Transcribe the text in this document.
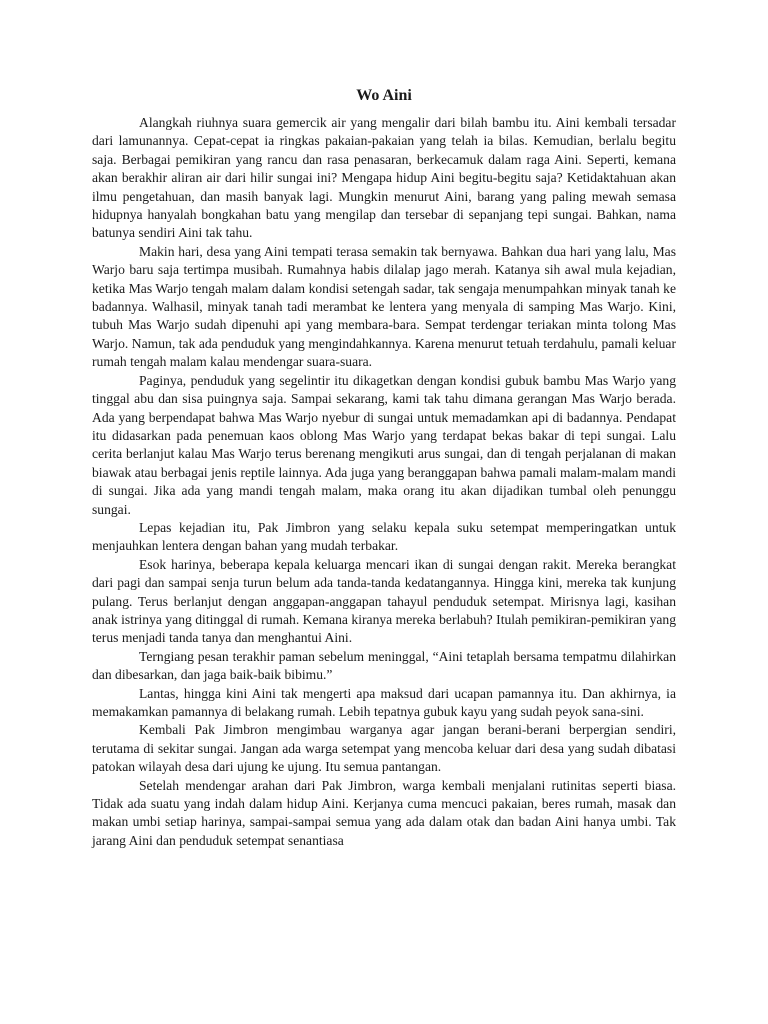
Wo Aini

Alangkah riuhnya suara gemercik air yang mengalir dari bilah bambu itu. Aini kembali tersadar dari lamunannya. Cepat-cepat ia ringkas pakaian-pakaian yang telah ia bilas. Kemudian, berlalu begitu saja. Berbagai pemikiran yang rancu dan rasa penasaran, berkecamuk dalam raga Aini. Seperti, kemana akan berakhir aliran air dari hilir sungai ini? Mengapa hidup Aini begitu-begitu saja? Ketidaktahuan akan ilmu pengetahuan, dan masih banyak lagi. Mungkin menurut Aini, barang yang paling mewah semasa hidupnya hanyalah bongkahan batu yang mengilap dan tersebar di sepanjang tepi sungai. Bahkan, nama batunya sendiri Aini tak tahu.

Makin hari, desa yang Aini tempati terasa semakin tak bernyawa. Bahkan dua hari yang lalu, Mas Warjo baru saja tertimpa musibah. Rumahnya habis dilalap jago merah. Katanya sih awal mula kejadian, ketika Mas Warjo tengah malam dalam kondisi setengah sadar, tak sengaja menumpahkan minyak tanah ke badannya. Walhasil, minyak tanah tadi merambat ke lentera yang menyala di samping Mas Warjo. Kini, tubuh Mas Warjo sudah dipenuhi api yang membara-bara. Sempat terdengar teriakan minta tolong Mas Warjo. Namun, tak ada penduduk yang mengindahkannya. Karena menurut tetuah terdahulu, pamali keluar rumah tengah malam kalau mendengar suara-suara.

Paginya, penduduk yang segelintir itu dikagetkan dengan kondisi gubuk bambu Mas Warjo yang tinggal abu dan sisa puingnya saja. Sampai sekarang, kami tak tahu dimana gerangan Mas Warjo berada. Ada yang berpendapat bahwa Mas Warjo nyebur di sungai untuk memadamkan api di badannya. Pendapat itu didasarkan pada penemuan kaos oblong Mas Warjo yang terdapat bekas bakar di tepi sungai. Lalu cerita berlanjut kalau Mas Warjo terus berenang mengikuti arus sungai, dan di tengah perjalanan di makan biawak atau berbagai jenis reptile lainnya. Ada juga yang beranggapan bahwa pamali malam-malam mandi di sungai. Jika ada yang mandi tengah malam, maka orang itu akan dijadikan tumbal oleh penunggu sungai.

Lepas kejadian itu, Pak Jimbron yang selaku kepala suku setempat memperingatkan untuk menjauhkan lentera dengan bahan yang mudah terbakar.

Esok harinya, beberapa kepala keluarga mencari ikan di sungai dengan rakit. Mereka berangkat dari pagi dan sampai senja turun belum ada tanda-tanda kedatangannya. Hingga kini, mereka tak kunjung pulang. Terus berlanjut dengan anggapan-anggapan tahayul penduduk setempat. Mirisnya lagi, kasihan anak istrinya yang ditinggal di rumah. Kemana kiranya mereka berlabuh? Itulah pemikiran-pemikiran yang terus menjadi tanda tanya dan menghantui Aini.

Terngiang pesan terakhir paman sebelum meninggal, “Aini tetaplah bersama tempatmu dilahirkan dan dibesarkan, dan jaga baik-baik bibimu.”

Lantas, hingga kini Aini tak mengerti apa maksud dari ucapan pamannya itu. Dan akhirnya, ia memakamkan pamannya di belakang rumah. Lebih tepatnya gubuk kayu yang sudah peyok sana-sini.

Kembali Pak Jimbron mengimbau warganya agar jangan berani-berani berpergian sendiri, terutama di sekitar sungai. Jangan ada warga setempat yang mencoba keluar dari desa yang sudah dibatasi patokan wilayah desa dari ujung ke ujung. Itu semua pantangan.

Setelah mendengar arahan dari Pak Jimbron, warga kembali menjalani rutinitas seperti biasa. Tidak ada suatu yang indah dalam hidup Aini. Kerjanya cuma mencuci pakaian, beres rumah, masak dan makan umbi setiap harinya, sampai-sampai semua yang ada dalam otak dan badan Aini hanya umbi. Tak jarang Aini dan penduduk setempat senantiasa
